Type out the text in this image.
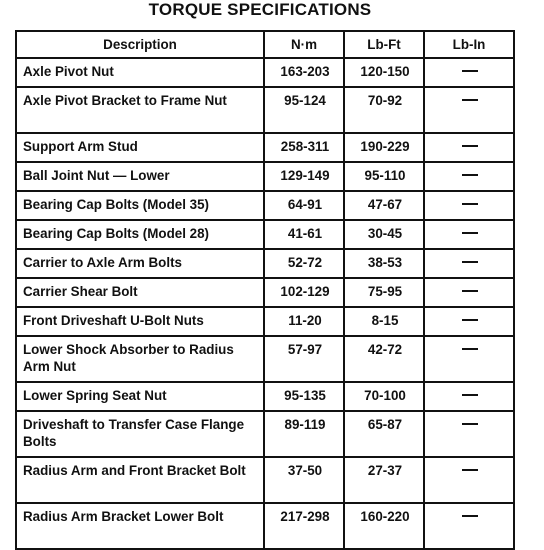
TORQUE SPECIFICATIONS
Description	N·m	Lb-Ft	Lb-In
Axle Pivot Nut	163-203	120-150	
Axle Pivot Bracket to Frame Nut	95-124	70-92	
Support Arm Stud	258-311	190-229	
Ball Joint Nut — Lower	129-149	95-110	
Bearing Cap Bolts (Model 35)	64-91	47-67	
Bearing Cap Bolts (Model 28)	41-61	30-45	
Carrier to Axle Arm Bolts	52-72	38-53	
Carrier Shear Bolt	102-129	75-95	
Front Driveshaft U-Bolt Nuts	11-20	8-15	
Lower Shock Absorber to Radius Arm Nut	57-97	42-72	
Lower Spring Seat Nut	95-135	70-100	
Driveshaft to Transfer Case Flange Bolts	89-119	65-87	
Radius Arm and Front Bracket Bolt	37-50	27-37	
Radius Arm Bracket Lower Bolt	217-298	160-220	
